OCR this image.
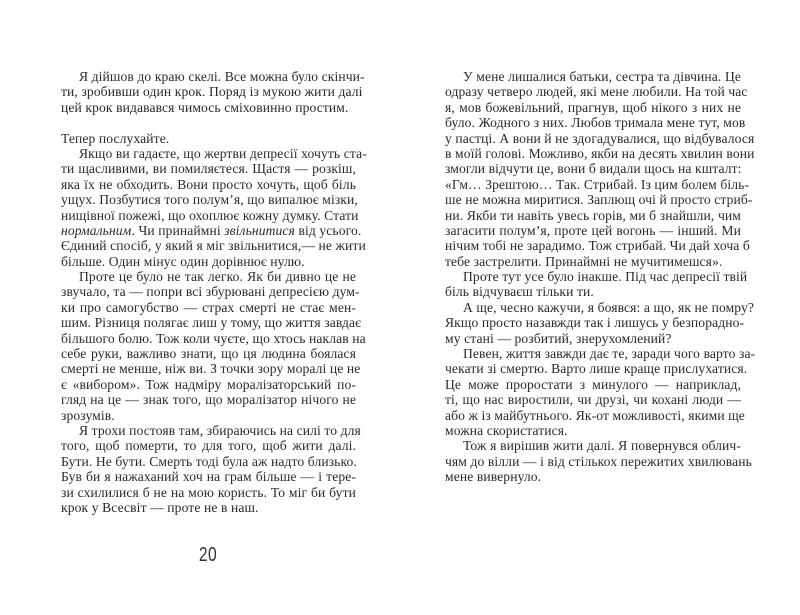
Я дійшов до краю скелі. Все можна було скінчи-
ти, зробивши один крок. Поряд із мукою жити далі
цей крок видавався чимось сміховинно простим.
Тепер послухайте.
Якщо ви гадаєте, що жертви депресії хочуть ста-
ти щасливими, ви помиляєтеся. Щастя — розкіш,
яка їх не обходить. Вони просто хочуть, щоб біль
ущух. Позбутися того полум’я, що випалює мізки,
нищівної пожежі, що охоплює кожну думку. Стати
нормальним. Чи принаймні звільнитися від усього.
Єдиний спосіб, у який я міг звільнитися,— не жити
більше. Один мінус один дорівнює нулю.
Проте це було не так легко. Як би дивно це не
звучало, та — попри всі збурювані депресією дум-
ки про самогубство — страх смерті не стає мен-
шим. Різниця полягає лиш у тому, що життя завдає
більшого болю. Тож коли чуєте, що хтось наклав на
себе руки, важливо знати, що ця людина боялася
смерті не менше, ніж ви. З точки зору моралі це не
є «вибором». Тож надміру моралізаторський по-
гляд на це — знак того, що моралізатор нічого не
зрозумів.
Я трохи постояв там, збираючись на силі то для
того, щоб померти, то для того, щоб жити далі.
Бути. Не бути. Смерть тоді була аж надто близько.
Був би я нажаханий хоч на грам більше — і тере-
зи схилилися б не на мою користь. То міг би бути
крок у Всесвіт — проте не в наш.
У мене лишалися батьки, сестра та дівчина. Це
одразу четверо людей, які мене любили. На той час
я, мов божевільний, прагнув, щоб нікого з них не
було. Жодного з них. Любов тримала мене тут, мов
у пастці. А вони й не здогадувалися, що відбувалося
в моїй голові. Можливо, якби на десять хвилин вони
змогли відчути це, вони б видали щось на кшталт:
«Гм… Зрештою… Так. Стрибай. Із цим болем біль-
ше не можна миритися. Заплющ очі й просто стриб-
ни. Якби ти навіть увесь горів, ми б знайшли, чим
загасити полум’я, проте цей вогонь — інший. Ми
нічим тобі не зарадимо. Тож стрибай. Чи дай хоча б
тебе застрелити. Принаймні не мучитимешся».
Проте тут усе було інакше. Під час депресії твій
біль відчуваєш тільки ти.
А ще, чесно кажучи, я боявся: а що, як не помру?
Якщо просто назавжди так і лишусь у безпорадно-
му стані — розбитий, знерухомлений?
Певен, життя завжди дає те, заради чого варто за-
чекати зі смертю. Варто лише краще прислухатися.
Це може проростати з минулого — наприклад,
ті, що нас виростили, чи друзі, чи кохані люди —
або ж із майбутнього. Як-от можливості, якими ще
можна скористатися.
Тож я вирішив жити далі. Я повернувся облич-
чям до вілли — і від стількох пережитих хвилювань
мене вивернуло.
20
